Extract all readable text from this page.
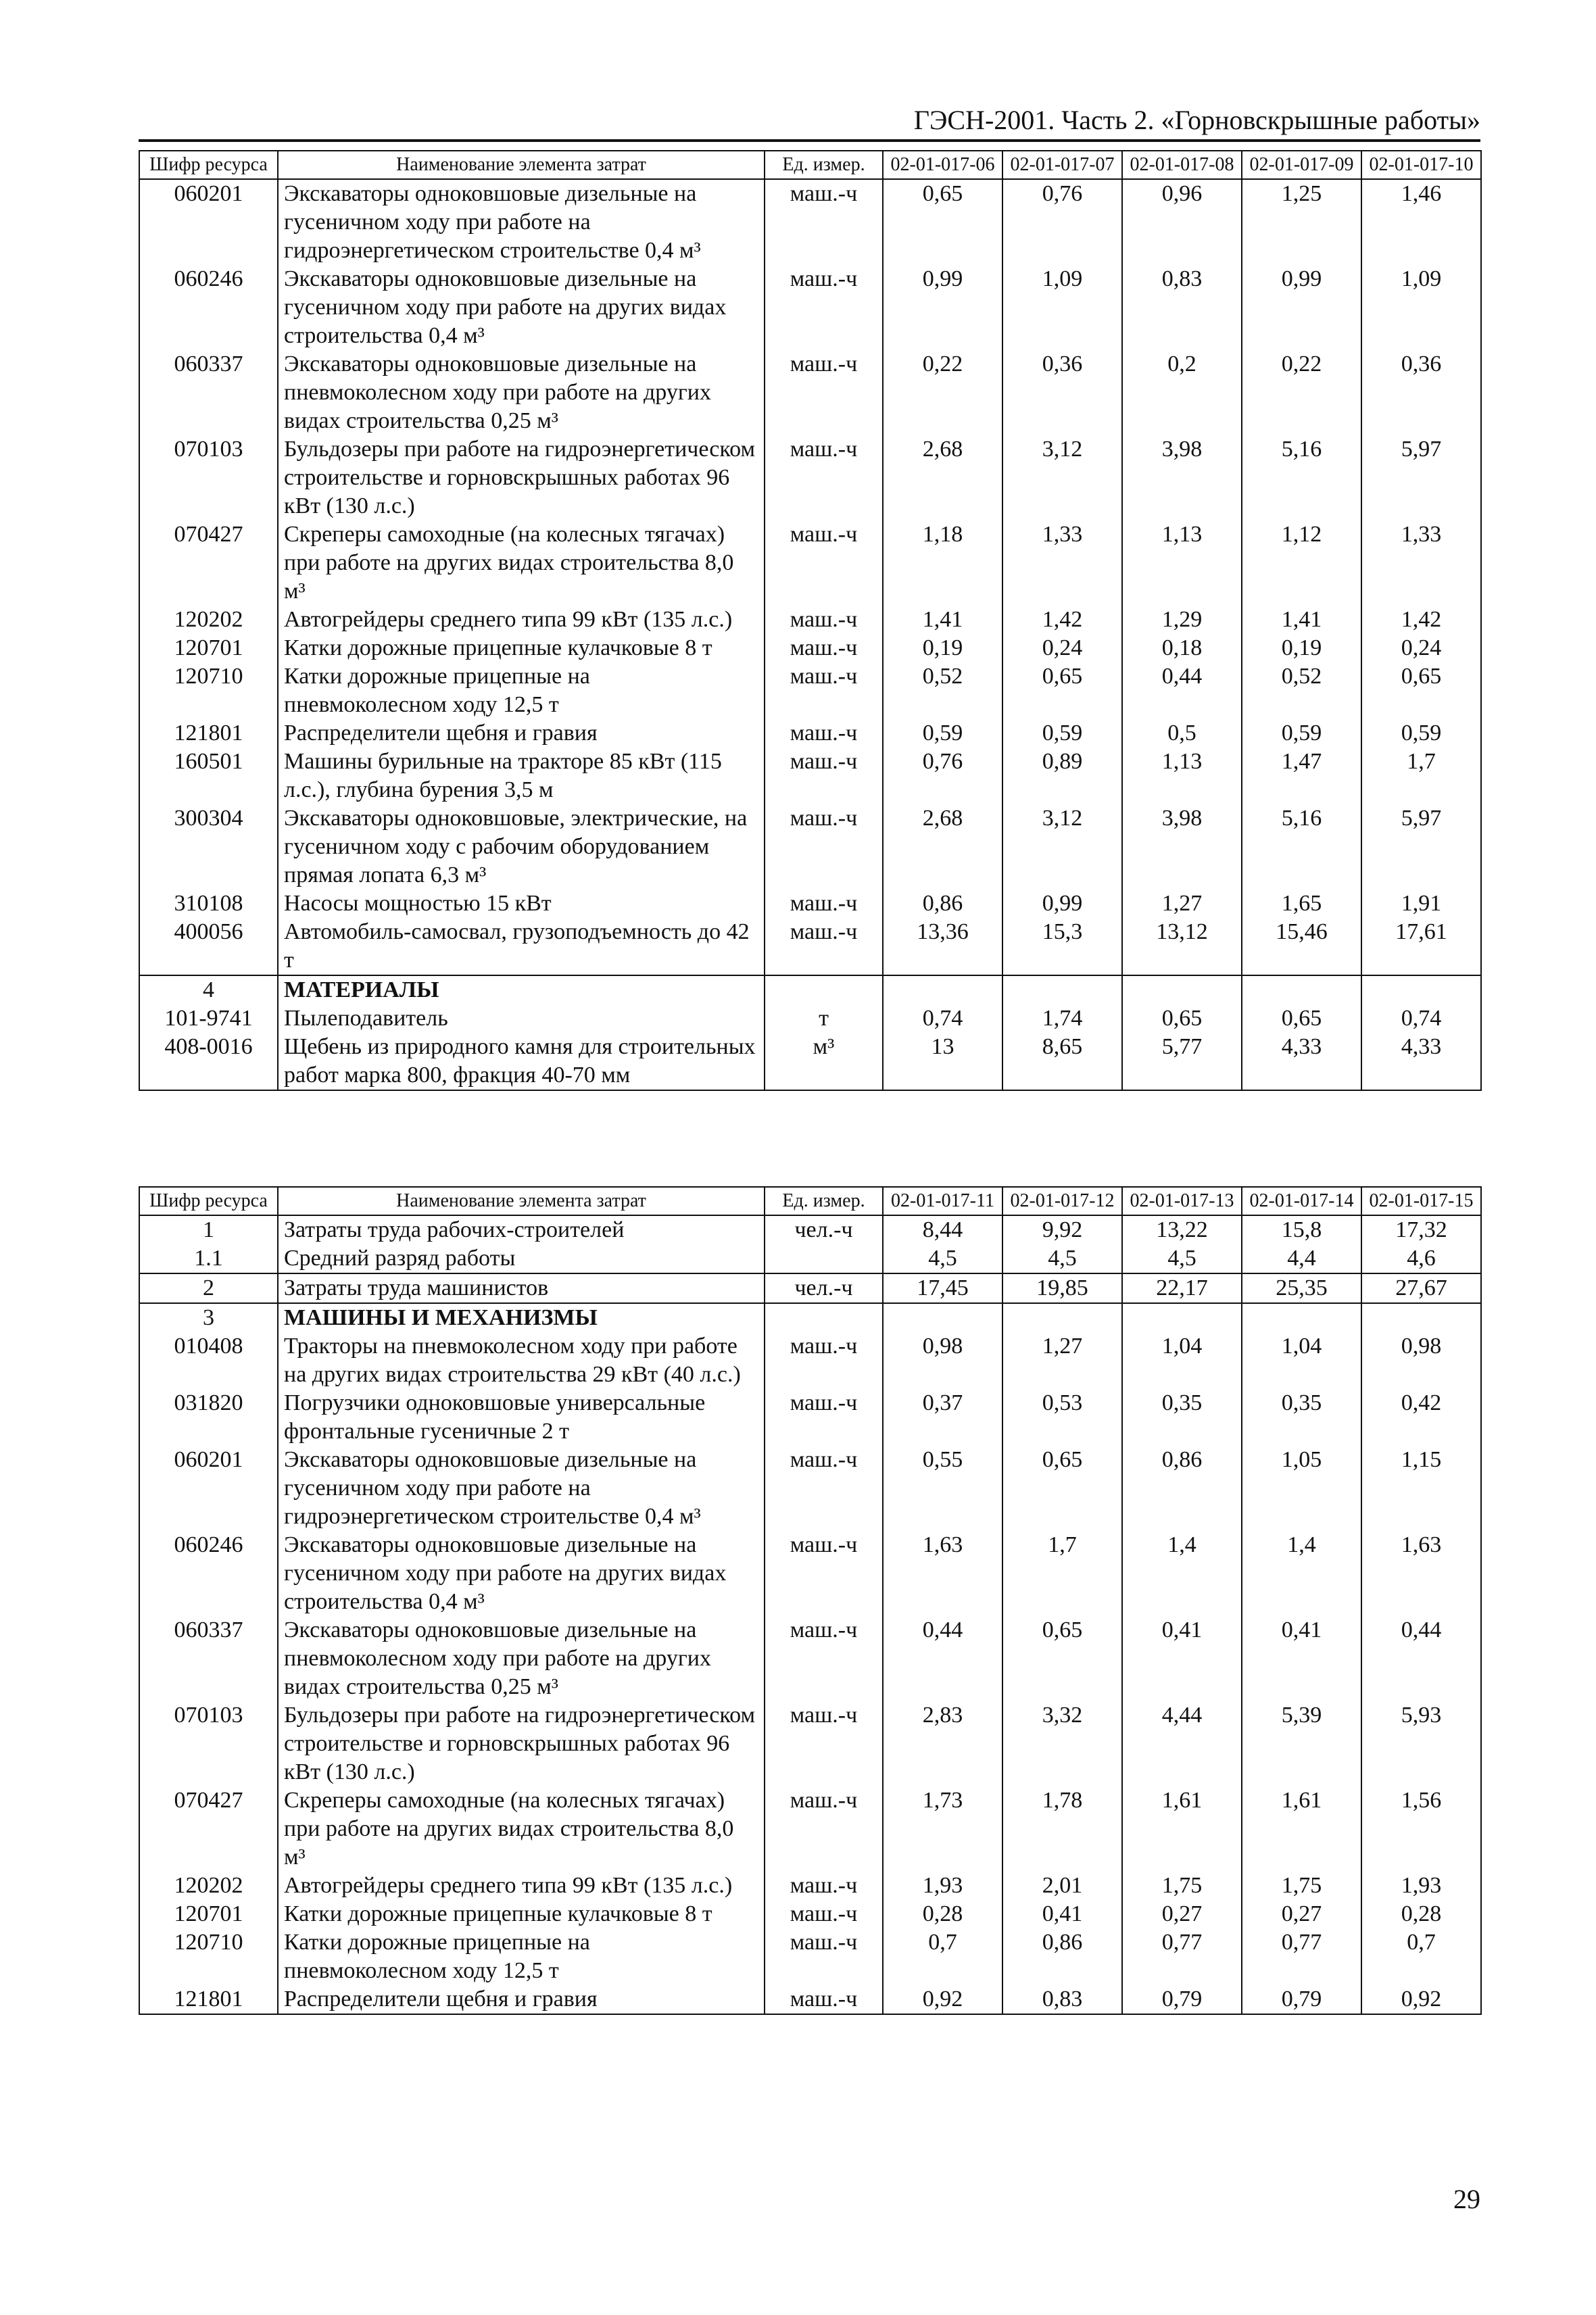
ГЭСН-2001. Часть 2. «Горновскрышные работы»
Шифр ресурса	Наименование элемента затрат	Ед. измер.	02-01-017-06	02-01-017-07	02-01-017-08	02-01-017-09	02-01-017-10
060201	Экскаваторы одноковшовые дизельные на гусеничном ходу при работе на гидроэнергетическом строительстве 0,4 м³	маш.-ч	0,65	0,76	0,96	1,25	1,46
060246	Экскаваторы одноковшовые дизельные на гусеничном ходу при работе на других видах строительства 0,4 м³	маш.-ч	0,99	1,09	0,83	0,99	1,09
060337	Экскаваторы одноковшовые дизельные на пневмоколесном ходу при работе на других видах строительства 0,25 м³	маш.-ч	0,22	0,36	0,2	0,22	0,36
070103	Бульдозеры при работе на гидроэнергетическом строительстве и горновскрышных работах 96 кВт (130 л.с.)	маш.-ч	2,68	3,12	3,98	5,16	5,97
070427	Скреперы самоходные (на колесных тягачах) при работе на других видах строительства 8,0 м³	маш.-ч	1,18	1,33	1,13	1,12	1,33
120202	Автогрейдеры среднего типа 99 кВт (135 л.с.)	маш.-ч	1,41	1,42	1,29	1,41	1,42
120701	Катки дорожные прицепные кулачковые 8 т	маш.-ч	0,19	0,24	0,18	0,19	0,24
120710	Катки дорожные прицепные на пневмоколесном ходу 12,5 т	маш.-ч	0,52	0,65	0,44	0,52	0,65
121801	Распределители щебня и гравия	маш.-ч	0,59	0,59	0,5	0,59	0,59
160501	Машины бурильные на тракторе 85 кВт (115 л.с.), глубина бурения 3,5 м	маш.-ч	0,76	0,89	1,13	1,47	1,7
300304	Экскаваторы одноковшовые, электрические, на гусеничном ходу с рабочим оборудованием прямая лопата 6,3 м³	маш.-ч	2,68	3,12	3,98	5,16	5,97
310108	Насосы мощностью 15 кВт	маш.-ч	0,86	0,99	1,27	1,65	1,91
400056	Автомобиль-самосвал, грузоподъемность до 42 т	маш.-ч	13,36	15,3	13,12	15,46	17,61
4	МАТЕРИАЛЫ						
101-9741	Пылеподавитель	т	0,74	1,74	0,65	0,65	0,74
408-0016	Щебень из природного камня для строительных работ марка 800, фракция 40-70 мм	м³	13	8,65	5,77	4,33	4,33
Шифр ресурса	Наименование элемента затрат	Ед. измер.	02-01-017-11	02-01-017-12	02-01-017-13	02-01-017-14	02-01-017-15
1	Затраты труда рабочих-строителей	чел.-ч	8,44	9,92	13,22	15,8	17,32
1.1	Средний разряд работы		4,5	4,5	4,5	4,4	4,6
2	Затраты труда машинистов	чел.-ч	17,45	19,85	22,17	25,35	27,67
3	МАШИНЫ И МЕХАНИЗМЫ						
010408	Тракторы на пневмоколесном ходу при работе на других видах строительства 29 кВт (40 л.с.)	маш.-ч	0,98	1,27	1,04	1,04	0,98
031820	Погрузчики одноковшовые универсальные фронтальные гусеничные 2 т	маш.-ч	0,37	0,53	0,35	0,35	0,42
060201	Экскаваторы одноковшовые дизельные на гусеничном ходу при работе на гидроэнергетическом строительстве 0,4 м³	маш.-ч	0,55	0,65	0,86	1,05	1,15
060246	Экскаваторы одноковшовые дизельные на гусеничном ходу при работе на других видах строительства 0,4 м³	маш.-ч	1,63	1,7	1,4	1,4	1,63
060337	Экскаваторы одноковшовые дизельные на пневмоколесном ходу при работе на других видах строительства 0,25 м³	маш.-ч	0,44	0,65	0,41	0,41	0,44
070103	Бульдозеры при работе на гидроэнергетическом строительстве и горновскрышных работах 96 кВт (130 л.с.)	маш.-ч	2,83	3,32	4,44	5,39	5,93
070427	Скреперы самоходные (на колесных тягачах) при работе на других видах строительства 8,0 м³	маш.-ч	1,73	1,78	1,61	1,61	1,56
120202	Автогрейдеры среднего типа 99 кВт (135 л.с.)	маш.-ч	1,93	2,01	1,75	1,75	1,93
120701	Катки дорожные прицепные кулачковые 8 т	маш.-ч	0,28	0,41	0,27	0,27	0,28
120710	Катки дорожные прицепные на пневмоколесном ходу 12,5 т	маш.-ч	0,7	0,86	0,77	0,77	0,7
121801	Распределители щебня и гравия	маш.-ч	0,92	0,83	0,79	0,79	0,92
29
